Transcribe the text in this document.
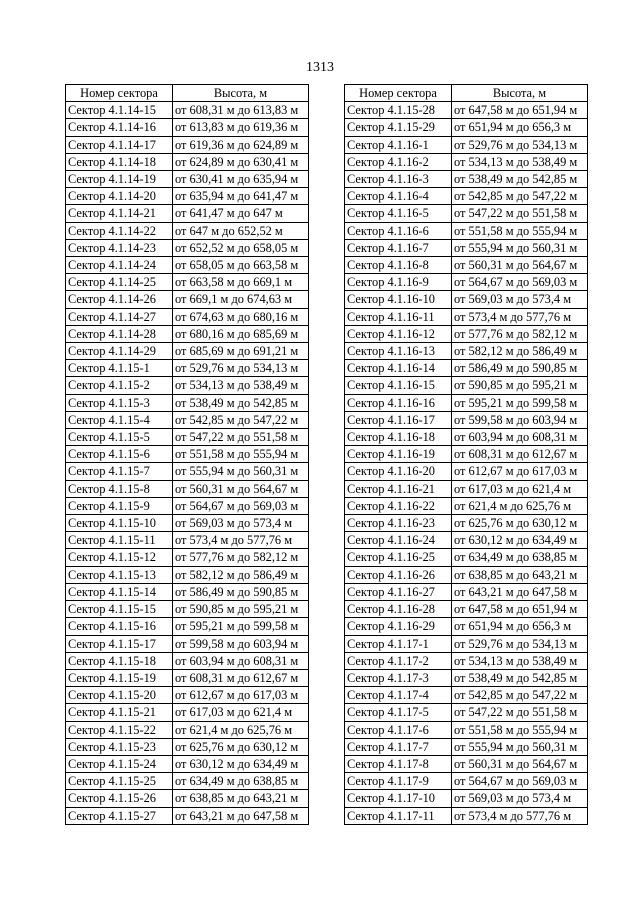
1313
Номер сектора	Высота, м
Сектор 4.1.14-15	от 608,31 м до 613,83 м
Сектор 4.1.14-16	от 613,83 м до 619,36 м
Сектор 4.1.14-17	от 619,36 м до 624,89 м
Сектор 4.1.14-18	от 624,89 м до 630,41 м
Сектор 4.1.14-19	от 630,41 м до 635,94 м
Сектор 4.1.14-20	от 635,94 м до 641,47 м
Сектор 4.1.14-21	от 641,47 м до 647 м
Сектор 4.1.14-22	от 647 м до 652,52 м
Сектор 4.1.14-23	от 652,52 м до 658,05 м
Сектор 4.1.14-24	от 658,05 м до 663,58 м
Сектор 4.1.14-25	от 663,58 м до 669,1 м
Сектор 4.1.14-26	от 669,1 м до 674,63 м
Сектор 4.1.14-27	от 674,63 м до 680,16 м
Сектор 4.1.14-28	от 680,16 м до 685,69 м
Сектор 4.1.14-29	от 685,69 м до 691,21 м
Сектор 4.1.15-1	от 529,76 м до 534,13 м
Сектор 4.1.15-2	от 534,13 м до 538,49 м
Сектор 4.1.15-3	от 538,49 м до 542,85 м
Сектор 4.1.15-4	от 542,85 м до 547,22 м
Сектор 4.1.15-5	от 547,22 м до 551,58 м
Сектор 4.1.15-6	от 551,58 м до 555,94 м
Сектор 4.1.15-7	от 555,94 м до 560,31 м
Сектор 4.1.15-8	от 560,31 м до 564,67 м
Сектор 4.1.15-9	от 564,67 м до 569,03 м
Сектор 4.1.15-10	от 569,03 м до 573,4 м
Сектор 4.1.15-11	от 573,4 м до 577,76 м
Сектор 4.1.15-12	от 577,76 м до 582,12 м
Сектор 4.1.15-13	от 582,12 м до 586,49 м
Сектор 4.1.15-14	от 586,49 м до 590,85 м
Сектор 4.1.15-15	от 590,85 м до 595,21 м
Сектор 4.1.15-16	от 595,21 м до 599,58 м
Сектор 4.1.15-17	от 599,58 м до 603,94 м
Сектор 4.1.15-18	от 603,94 м до 608,31 м
Сектор 4.1.15-19	от 608,31 м до 612,67 м
Сектор 4.1.15-20	от 612,67 м до 617,03 м
Сектор 4.1.15-21	от 617,03 м до 621,4 м
Сектор 4.1.15-22	от 621,4 м до 625,76 м
Сектор 4.1.15-23	от 625,76 м до 630,12 м
Сектор 4.1.15-24	от 630,12 м до 634,49 м
Сектор 4.1.15-25	от 634,49 м до 638,85 м
Сектор 4.1.15-26	от 638,85 м до 643,21 м
Сектор 4.1.15-27	от 643,21 м до 647,58 м
Номер сектора	Высота, м
Сектор 4.1.15-28	от 647,58 м до 651,94 м
Сектор 4.1.15-29	от 651,94 м до 656,3 м
Сектор 4.1.16-1	от 529,76 м до 534,13 м
Сектор 4.1.16-2	от 534,13 м до 538,49 м
Сектор 4.1.16-3	от 538,49 м до 542,85 м
Сектор 4.1.16-4	от 542,85 м до 547,22 м
Сектор 4.1.16-5	от 547,22 м до 551,58 м
Сектор 4.1.16-6	от 551,58 м до 555,94 м
Сектор 4.1.16-7	от 555,94 м до 560,31 м
Сектор 4.1.16-8	от 560,31 м до 564,67 м
Сектор 4.1.16-9	от 564,67 м до 569,03 м
Сектор 4.1.16-10	от 569,03 м до 573,4 м
Сектор 4.1.16-11	от 573,4 м до 577,76 м
Сектор 4.1.16-12	от 577,76 м до 582,12 м
Сектор 4.1.16-13	от 582,12 м до 586,49 м
Сектор 4.1.16-14	от 586,49 м до 590,85 м
Сектор 4.1.16-15	от 590,85 м до 595,21 м
Сектор 4.1.16-16	от 595,21 м до 599,58 м
Сектор 4.1.16-17	от 599,58 м до 603,94 м
Сектор 4.1.16-18	от 603,94 м до 608,31 м
Сектор 4.1.16-19	от 608,31 м до 612,67 м
Сектор 4.1.16-20	от 612,67 м до 617,03 м
Сектор 4.1.16-21	от 617,03 м до 621,4 м
Сектор 4.1.16-22	от 621,4 м до 625,76 м
Сектор 4.1.16-23	от 625,76 м до 630,12 м
Сектор 4.1.16-24	от 630,12 м до 634,49 м
Сектор 4.1.16-25	от 634,49 м до 638,85 м
Сектор 4.1.16-26	от 638,85 м до 643,21 м
Сектор 4.1.16-27	от 643,21 м до 647,58 м
Сектор 4.1.16-28	от 647,58 м до 651,94 м
Сектор 4.1.16-29	от 651,94 м до 656,3 м
Сектор 4.1.17-1	от 529,76 м до 534,13 м
Сектор 4.1.17-2	от 534,13 м до 538,49 м
Сектор 4.1.17-3	от 538,49 м до 542,85 м
Сектор 4.1.17-4	от 542,85 м до 547,22 м
Сектор 4.1.17-5	от 547,22 м до 551,58 м
Сектор 4.1.17-6	от 551,58 м до 555,94 м
Сектор 4.1.17-7	от 555,94 м до 560,31 м
Сектор 4.1.17-8	от 560,31 м до 564,67 м
Сектор 4.1.17-9	от 564,67 м до 569,03 м
Сектор 4.1.17-10	от 569,03 м до 573,4 м
Сектор 4.1.17-11	от 573,4 м до 577,76 м
